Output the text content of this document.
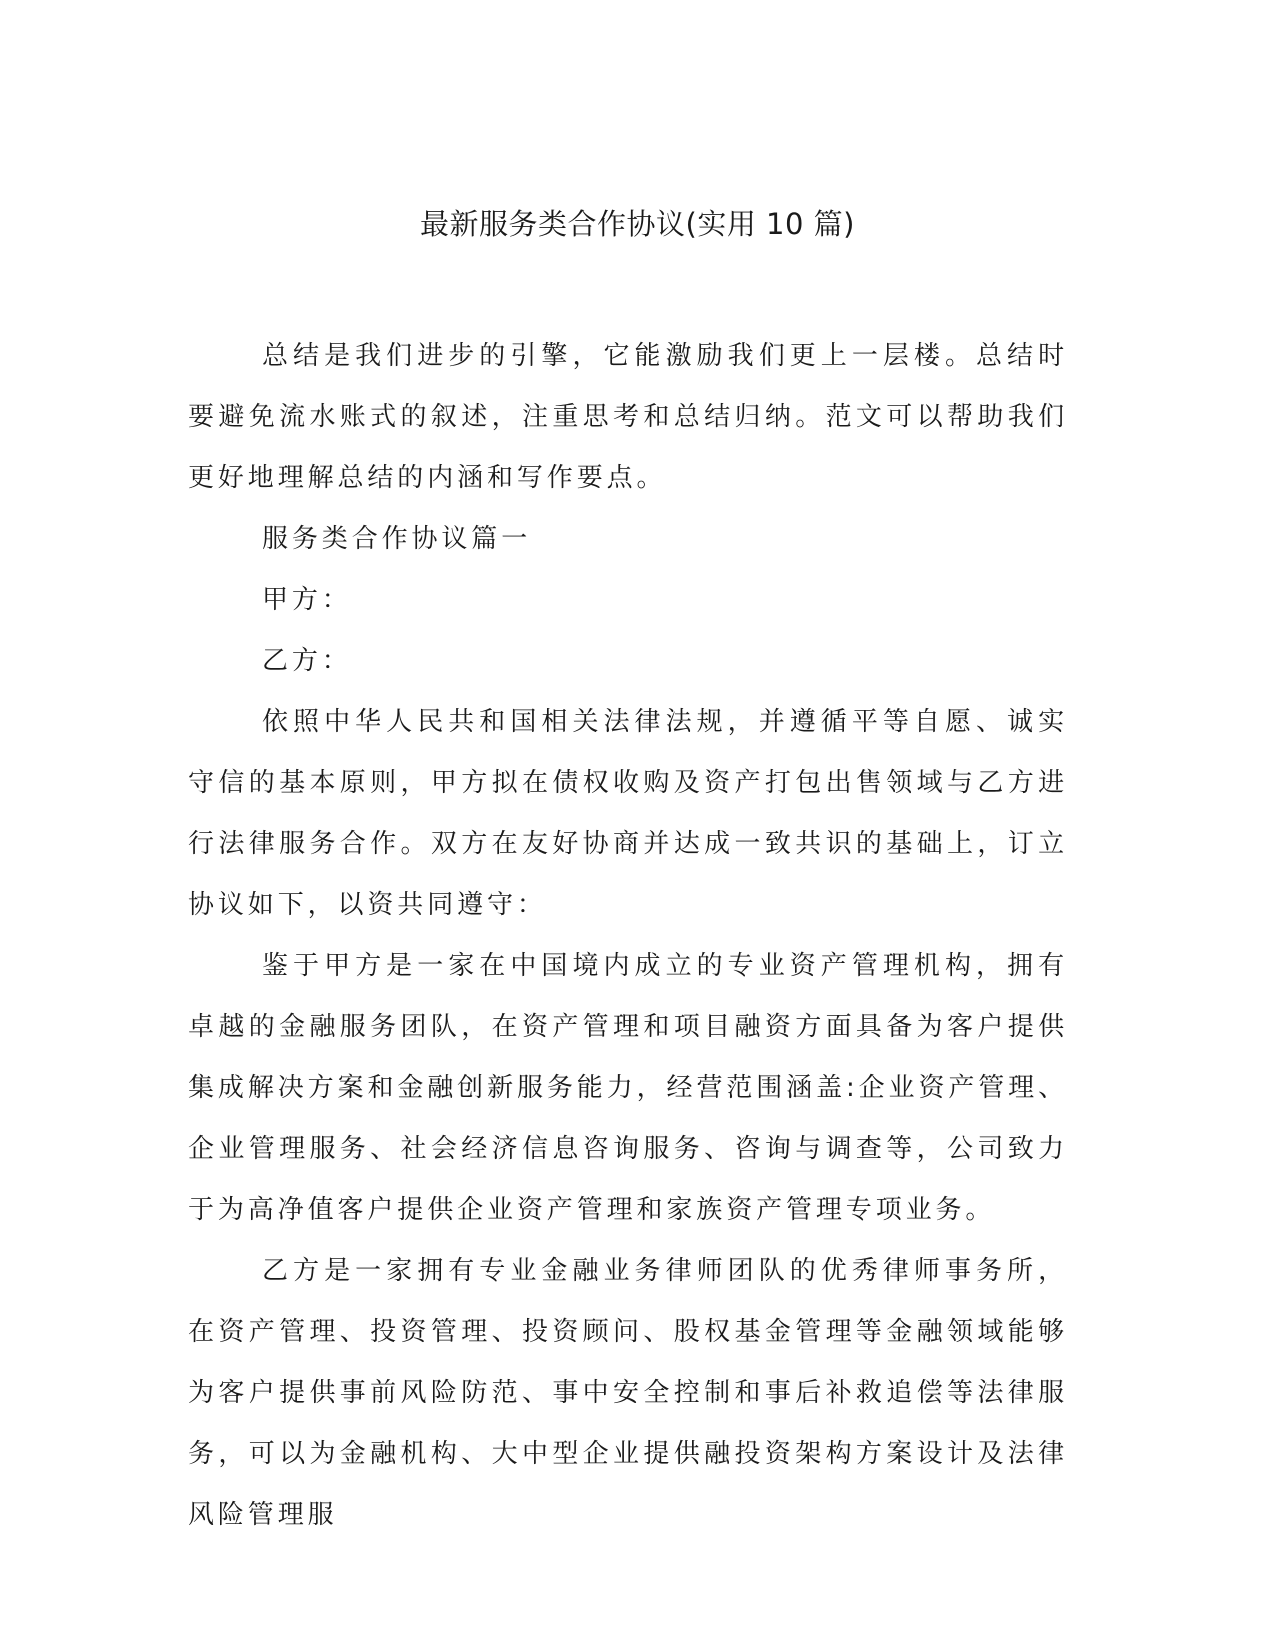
最新服务类合作协议(实用 10 篇)

总结是我们进步的引擎，它能激励我们更上一层楼。总结时要避免流水账式的叙述，注重思考和总结归纳。范文可以帮助我们更好地理解总结的内涵和写作要点。

服务类合作协议篇一

甲方：

乙方：

依照中华人民共和国相关法律法规，并遵循平等自愿、诚实守信的基本原则，甲方拟在债权收购及资产打包出售领域与乙方进行法律服务合作。双方在友好协商并达成一致共识的基础上，订立协议如下，以资共同遵守：

鉴于甲方是一家在中国境内成立的专业资产管理机构，拥有卓越的金融服务团队，在资产管理和项目融资方面具备为客户提供集成解决方案和金融创新服务能力，经营范围涵盖:企业资产管理、企业管理服务、社会经济信息咨询服务、咨询与调查等，公司致力于为高净值客户提供企业资产管理和家族资产管理专项业务。

乙方是一家拥有专业金融业务律师团队的优秀律师事务所，在资产管理、投资管理、投资顾问、股权基金管理等金融领域能够为客户提供事前风险防范、事中安全控制和事后补救追偿等法律服务，可以为金融机构、大中型企业提供融投资架构方案设计及法律风险管理服
